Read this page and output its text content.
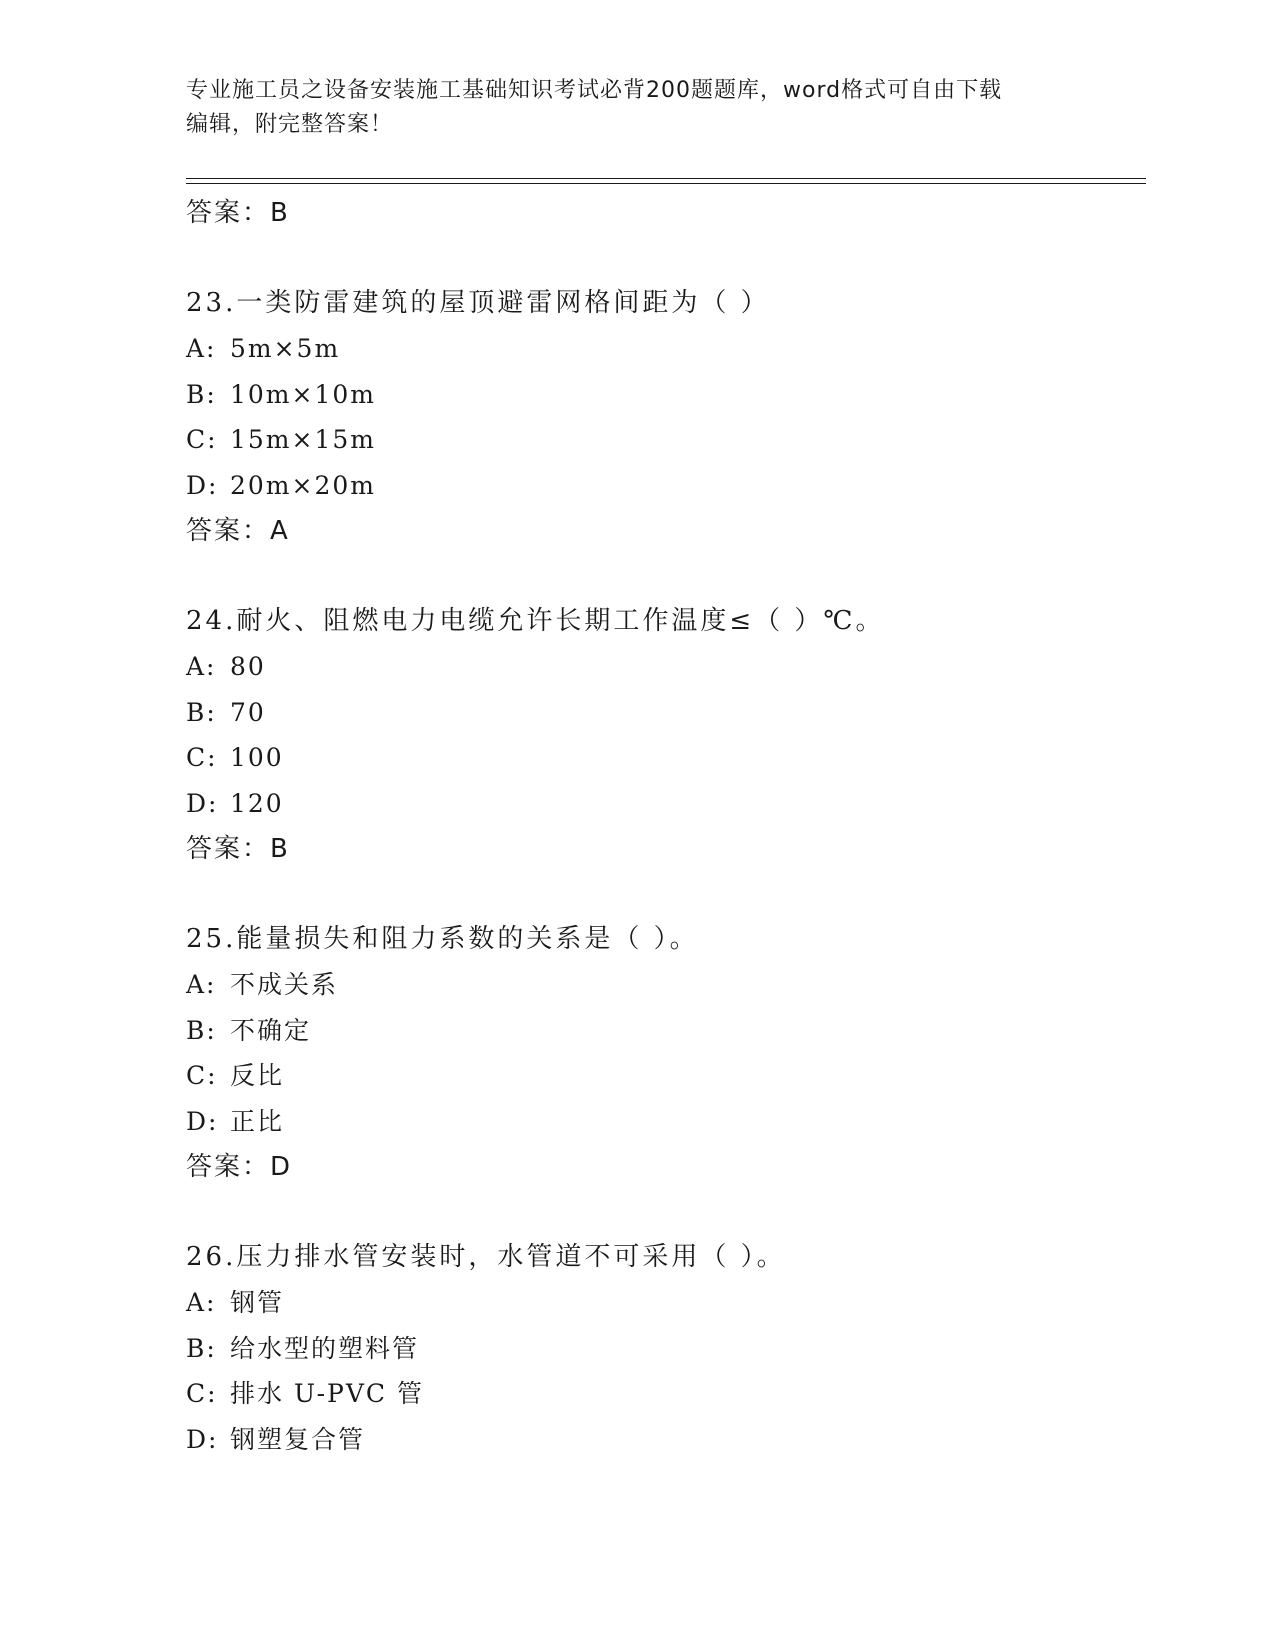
专业施工员之设备安装施工基础知识考试必背200题题库，word格式可自由下载
编辑，附完整答案！
答案：B
23.一类防雷建筑的屋顶避雷网格间距为（ ）
A: 5m×5m
B: 10m×10m
C: 15m×15m
D: 20m×20m
答案：A
24.耐火、阻燃电力电缆允许长期工作温度≤（ ）℃。
A: 80
B: 70
C: 100
D: 120
答案：B
25.能量损失和阻力系数的关系是（ ）。
A: 不成关系
B: 不确定
C: 反比
D: 正比
答案：D
26.压力排水管安装时，水管道不可采用（ ）。
A: 钢管
B: 给水型的塑料管
C: 排水 U-PVC 管
D: 钢塑复合管
